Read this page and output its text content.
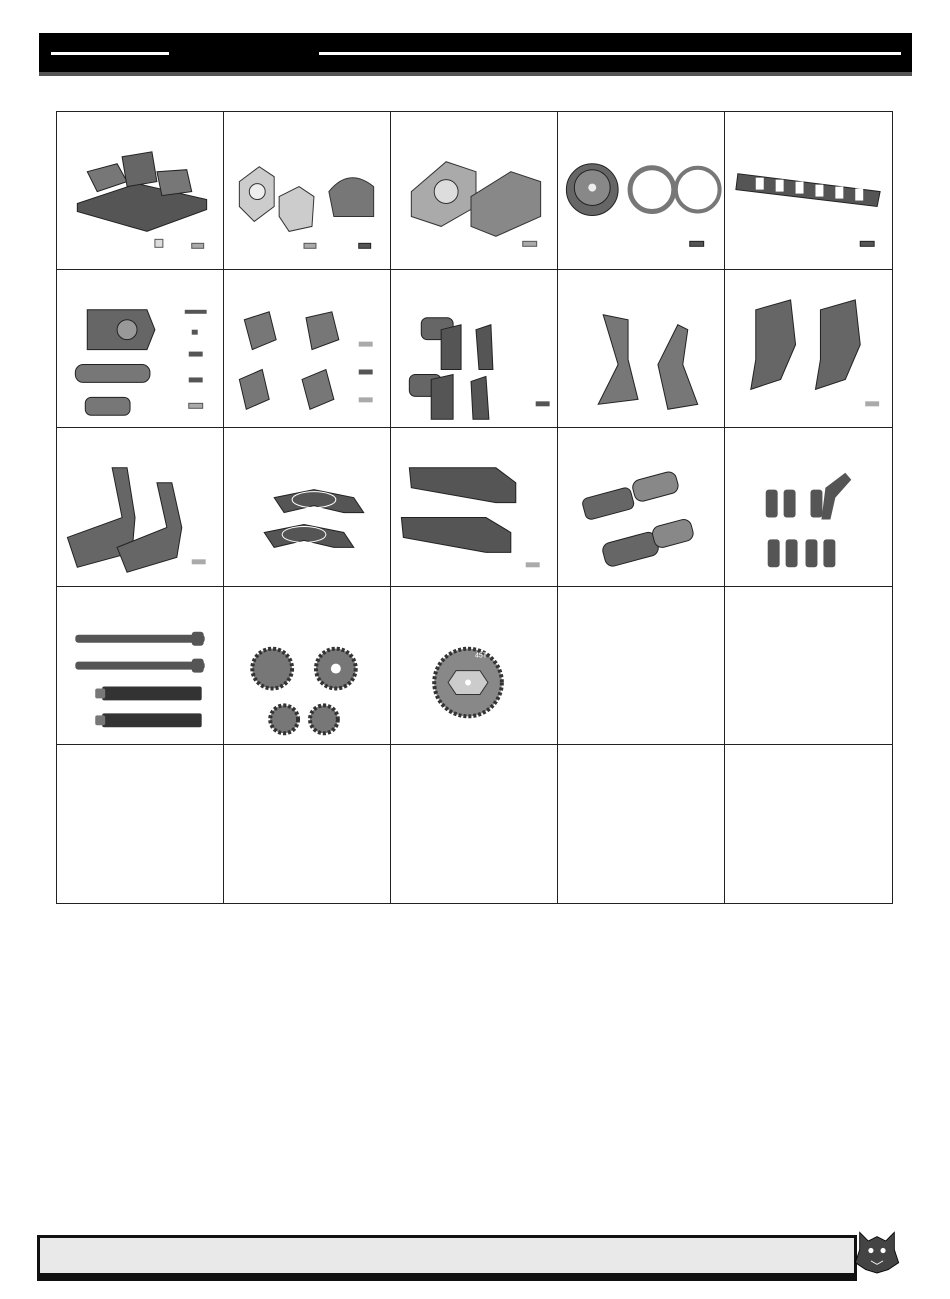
45T
